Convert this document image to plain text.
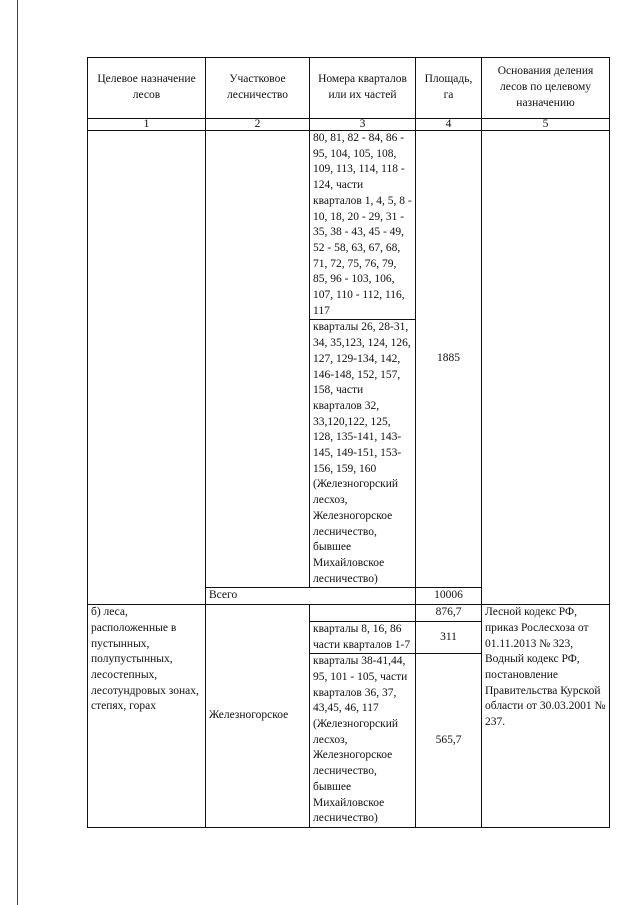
Целевое назначение лесов	Участковое лесничество	Номера кварталов или их частей	Площадь, га	Основания деления лесов по целевому назначению
1	2	3	4	5
		80, 81, 82 - 84, 86 - 95, 104, 105, 108, 109, 113, 114, 118 - 124, части кварталов 1, 4, 5, 8 - 10, 18, 20 - 29, 31 - 35, 38 - 43, 45 - 49, 52 - 58, 63, 67, 68, 71, 72, 75, 76, 79, 85, 96 - 103, 106, 107, 110 - 112, 116, 117	1885	
		кварталы 26, 28-31, 34, 35,123, 124, 126, 127, 129-134, 142, 146-148, 152, 157, 158, части кварталов 32, 33,120,122, 125, 128, 135-141, 143-145, 149-151, 153-156, 159, 160 (Железногорский лесхоз, Железногорское лесничество, бывшее Михайловское лесничество)		
	Всего		10006	
б) леса, расположенные в пустынных, полупустынных, лесостепных, лесотундровых зонах, степях, горах	Железногорское		876,7	Лесной кодекс РФ, приказ Рослесхоза от 01.11.2013 № 323, Водный кодекс РФ, постановление Правительства Курской области от 30.03.2001 № 237.
		кварталы 8, 16, 86 части кварталов 1-7	311	
		кварталы 38-41,44, 95, 101 - 105, части кварталов 36, 37, 43,45, 46, 117 (Железногорский лесхоз, Железногорское лесничество, бывшее Михайловское лесничество)	565,7	
